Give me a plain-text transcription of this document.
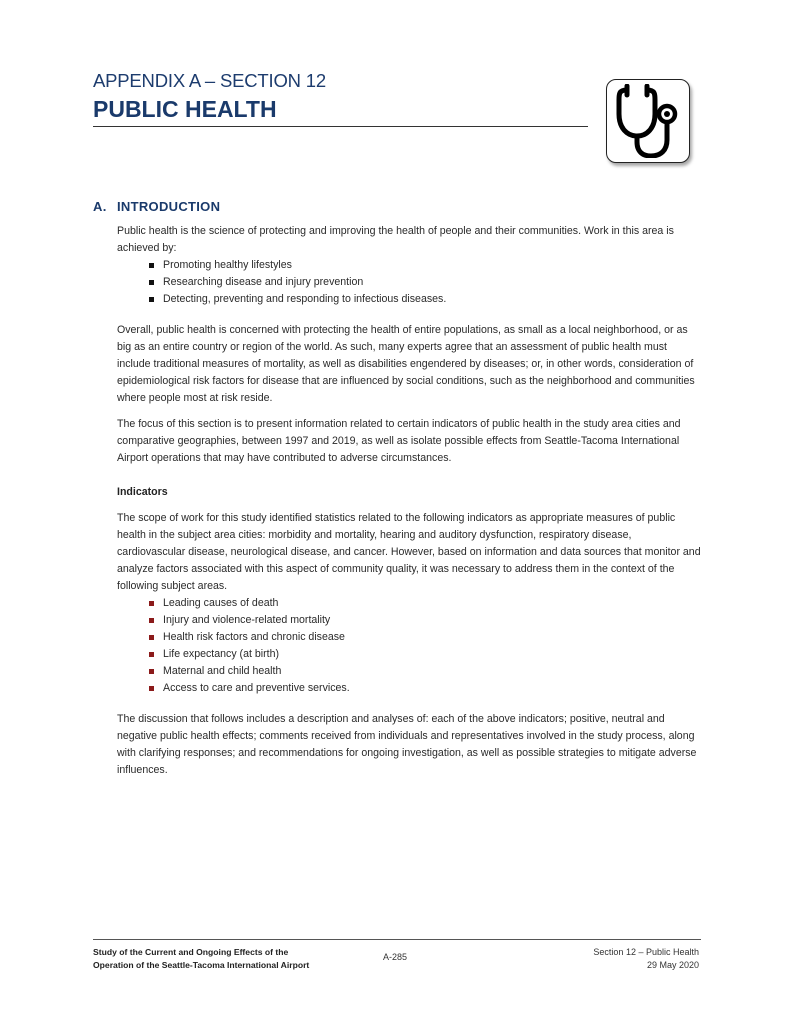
APPENDIX A – SECTION 12
PUBLIC HEALTH
A. INTRODUCTION

Public health is the science of protecting and improving the health of people and their communities. Work in this area is achieved by:

Promoting healthy lifestyles
Researching disease and injury prevention
Detecting, preventing and responding to infectious diseases.

Overall, public health is concerned with protecting the health of entire populations, as small as a local neighborhood, or as big as an entire country or region of the world. As such, many experts agree that an assessment of public health must include traditional measures of mortality, as well as disabilities engendered by diseases; or, in other words, consideration of epidemiological risk factors for disease that are influenced by social conditions, such as the neighborhood and communities where people most at risk reside.

The focus of this section is to present information related to certain indicators of public health in the study area cities and comparative geographies, between 1997 and 2019, as well as isolate possible effects from Seattle-Tacoma International Airport operations that may have contributed to adverse circumstances.

Indicators

The scope of work for this study identified statistics related to the following indicators as appropriate measures of public health in the subject area cities: morbidity and mortality, hearing and auditory dysfunction, respiratory disease, cardiovascular disease, neurological disease, and cancer. However, based on information and data sources that monitor and analyze factors associated with this aspect of community quality, it was necessary to address them in the context of the following subject areas.

Leading causes of death
Injury and violence-related mortality
Health risk factors and chronic disease
Life expectancy (at birth)
Maternal and child health
Access to care and preventive services.

The discussion that follows includes a description and analyses of: each of the above indicators; positive, neutral and negative public health effects; comments received from individuals and representatives involved in the study process, along with clarifying responses; and recommendations for ongoing investigation, as well as possible strategies to mitigate adverse influences.

Study of the Current and Ongoing Effects of the
Operation of the Seattle-Tacoma International Airport
A-285	Section 12 – Public Health
29 May 2020
